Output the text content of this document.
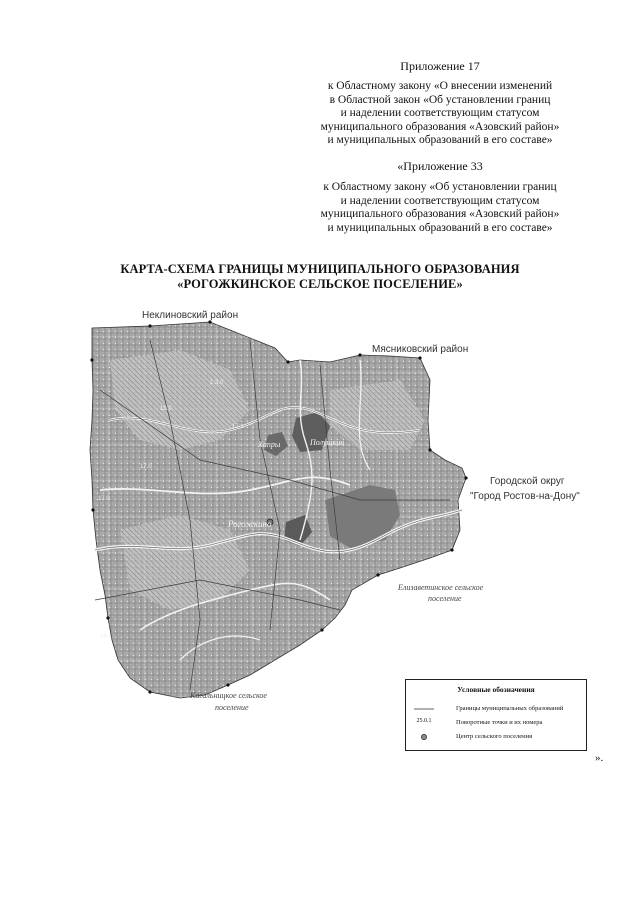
Приложение 17
к Областному закону «О внесении изменений
в Областной закон «Об установлении границ
и наделении соответствующим статусом
муниципального образования «Азовский район»
и муниципальных образований в его составе»
«Приложение 33
к Областному закону «Об установлении границ
и наделении соответствующим статусом
муниципального образования «Азовский район»
и муниципальных образований в его составе»
КАРТА-СХЕМА ГРАНИЦЫ МУНИЦИПАЛЬНОГО ОБРАЗОВАНИЯ
«РОГОЖКИНСКОЕ СЕЛЬСКОЕ ПОСЕЛЕНИЕ»
19.0
1.3.0
17.0
17.1
17.0
19.1
Рогожкино
Хапры	Полушкин
Неклиновский район
Мясниковский район
Городской округ
"Город Ростов-на-Дону"
Елизаветинское сельское
поселение
Кагальницкое сельское
поселение
Условные обозначения
Границы муниципальных образований
25.0.1	Поворотные точки и их номера
Центр сельского поселения
».
